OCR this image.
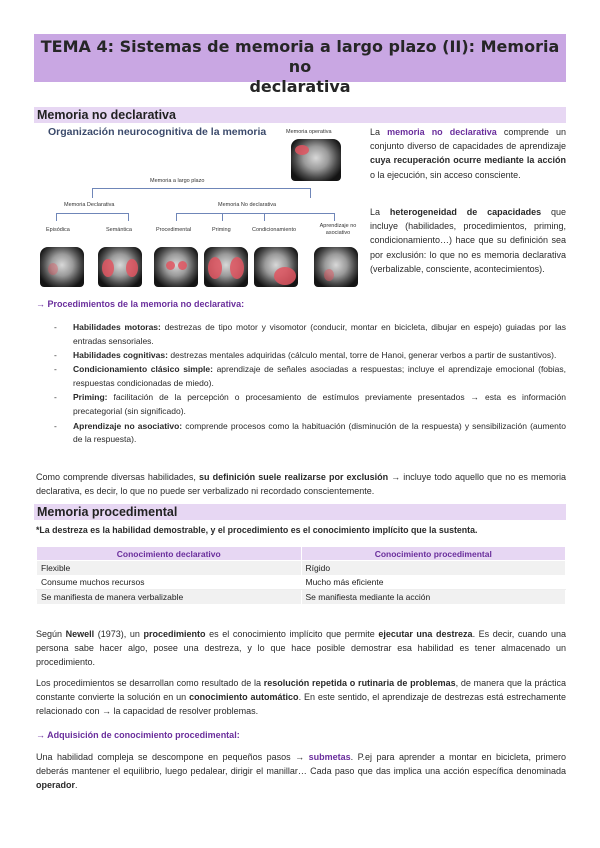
TEMA 4: Sistemas de memoria a largo plazo (II): Memoria no
declarativa
Memoria no declarativa
Organización neurocognitiva de la memoria	Memoria operativa
Memoria a largo plazo
Memoria Declarativa	Memoria No declarativa
Episódica	Semántica	Procedimental	Priming	Condicionamiento
Aprendizaje no asociativo
La memoria no declarativa comprende un conjunto diverso de capacidades de aprendizaje cuya recuperación ocurre mediante la acción o la ejecución, sin acceso consciente.
La heterogeneidad de capacidades que incluye (habilidades, procedimientos, priming, condicionamiento…) hace que su definición sea por exclusión: lo que no es memoria declarativa (verbalizable, consciente, acontecimientos).
→ Procedimientos de la memoria no declarativa:
- Habilidades motoras: destrezas de tipo motor y visomotor (conducir, montar en bicicleta, dibujar en espejo) guiadas por las entradas sensoriales.
- Habilidades cognitivas: destrezas mentales adquiridas (cálculo mental, torre de Hanoi, generar verbos a partir de sustantivos).
- Condicionamiento clásico simple: aprendizaje de señales asociadas a respuestas; incluye el aprendizaje emocional (fobias, respuestas condicionadas de miedo).
- Priming: facilitación de la percepción o procesamiento de estímulos previamente presentados → esta es información precategorial (sin significado).
- Aprendizaje no asociativo: comprende procesos como la habituación (disminución de la respuesta) y sensibilización (aumento de la respuesta).
Como comprende diversas habilidades, su definición suele realizarse por exclusión → incluye todo aquello que no es memoria declarativa, es decir, lo que no puede ser verbalizado ni recordado conscientemente.
Memoria procedimental
*La destreza es la habilidad demostrable, y el procedimiento es el conocimiento implícito que la sustenta.
Conocimiento declarativo	Conocimiento procedimental
Flexible	Rígido
Consume muchos recursos	Mucho más eficiente
Se manifiesta de manera verbalizable	Se manifiesta mediante la acción
Según Newell (1973), un procedimiento es el conocimiento implícito que permite ejecutar una destreza. Es decir, cuando una persona sabe hacer algo, posee una destreza, y lo que hace posible demostrar esa habilidad es tener almacenado un procedimiento.
Los procedimientos se desarrollan como resultado de la resolución repetida o rutinaria de problemas, de manera que la práctica constante convierte la solución en un conocimiento automático. En este sentido, el aprendizaje de destrezas está estrechamente relacionado con → la capacidad de resolver problemas.
→ Adquisición de conocimiento procedimental:
Una habilidad compleja se descompone en pequeños pasos → submetas. P.ej para aprender a montar en bicicleta, primero deberás mantener el equilibrio, luego pedalear, dirigir el manillar… Cada paso que das implica una acción específica denominada operador.
